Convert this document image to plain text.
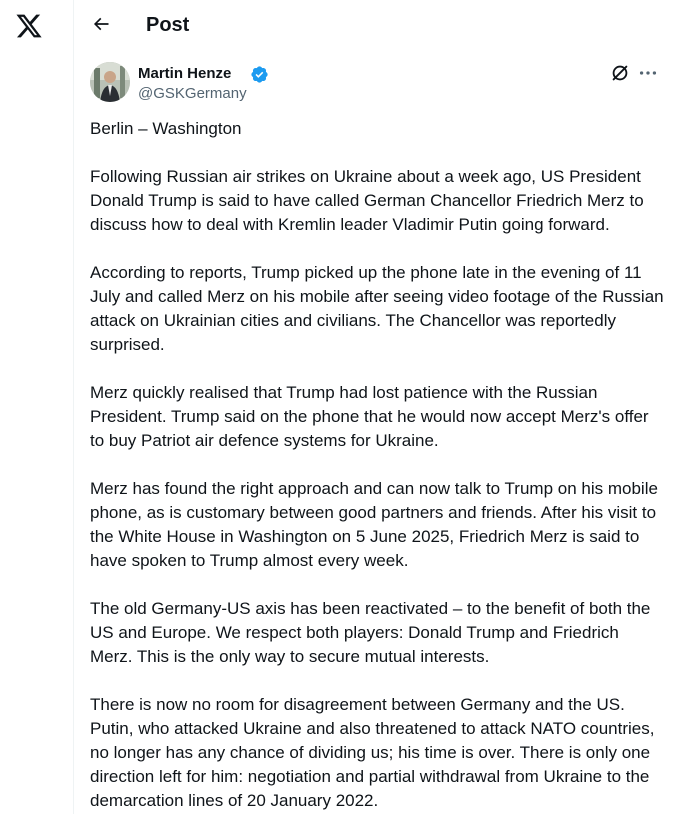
Post
Martin Henze
@GSKGermany

Berlin – Washington

Following Russian air strikes on Ukraine about a week ago, US President Donald Trump is said to have called German Chancellor Friedrich Merz to discuss how to deal with Kremlin leader Vladimir Putin going forward.

According to reports, Trump picked up the phone late in the evening of 11 July and called Merz on his mobile after seeing video footage of the Russian attack on Ukrainian cities and civilians. The Chancellor was reportedly surprised.

Merz quickly realised that Trump had lost patience with the Russian President. Trump said on the phone that he would now accept Merz's offer to buy Patriot air defence systems for Ukraine.

Merz has found the right approach and can now talk to Trump on his mobile phone, as is customary between good partners and friends. After his visit to the White House in Washington on 5 June 2025, Friedrich Merz is said to have spoken to Trump almost every week.

The old Germany-US axis has been reactivated – to the benefit of both the US and Europe. We respect both players: Donald Trump and Friedrich Merz. This is the only way to secure mutual interests.

There is now no room for disagreement between Germany and the US. Putin, who attacked Ukraine and also threatened to attack NATO countries, no longer has any chance of dividing us; his time is over. There is only one direction left for him: negotiation and partial withdrawal from Ukraine to the demarcation lines of 20 January 2022.
